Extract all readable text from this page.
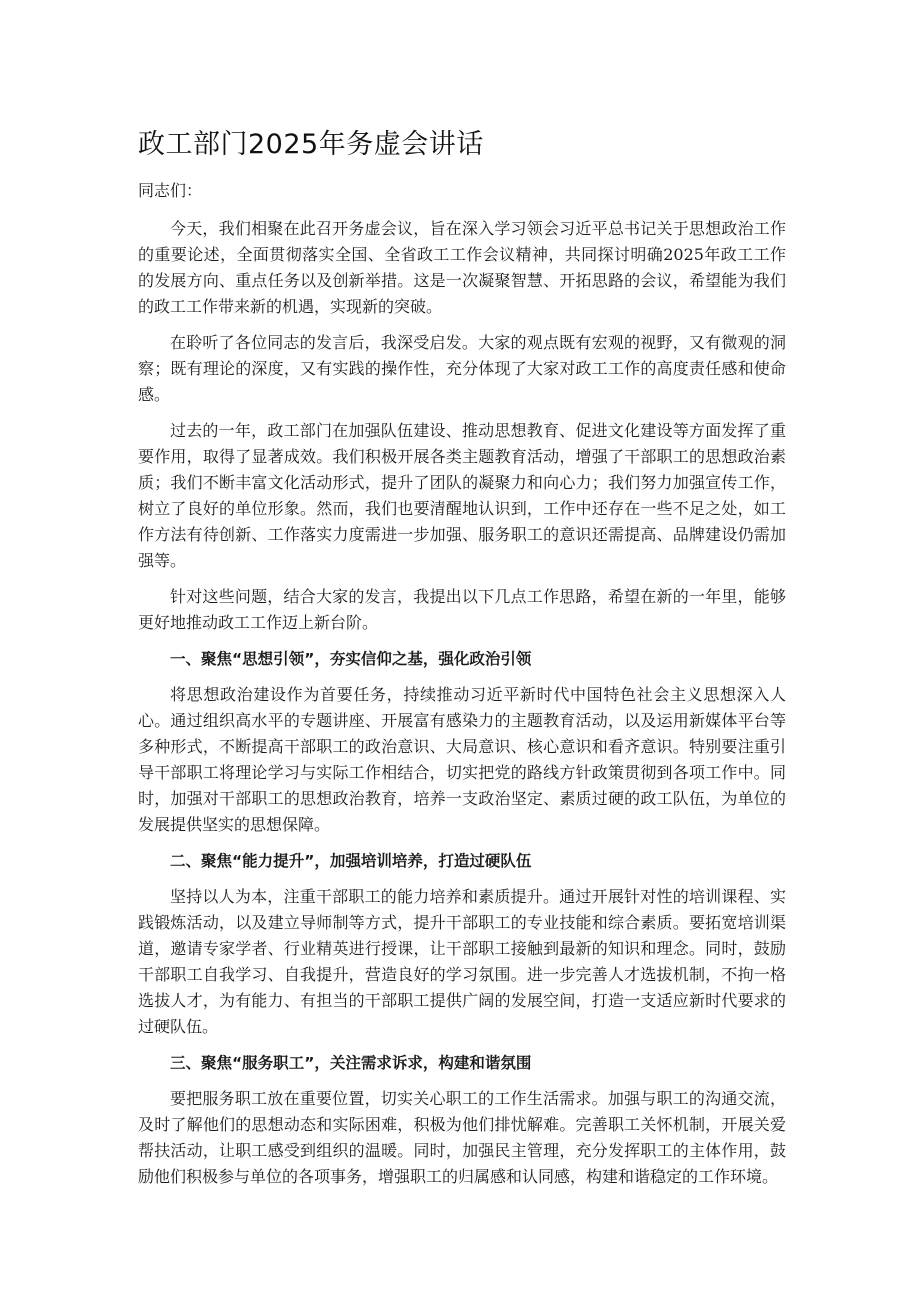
政工部门2025年务虚会讲话
同志们：

今天，我们相聚在此召开务虚会议，旨在深入学习领会习近平总书记关于思想政治工作的重要论述，全面贯彻落实全国、全省政工工作会议精神，共同探讨明确2025年政工工作的发展方向、重点任务以及创新举措。这是一次凝聚智慧、开拓思路的会议，希望能为我们的政工工作带来新的机遇，实现新的突破。

在聆听了各位同志的发言后，我深受启发。大家的观点既有宏观的视野，又有微观的洞察；既有理论的深度，又有实践的操作性，充分体现了大家对政工工作的高度责任感和使命感。

过去的一年，政工部门在加强队伍建设、推动思想教育、促进文化建设等方面发挥了重要作用，取得了显著成效。我们积极开展各类主题教育活动，增强了干部职工的思想政治素质；我们不断丰富文化活动形式，提升了团队的凝聚力和向心力；我们努力加强宣传工作，树立了良好的单位形象。然而，我们也要清醒地认识到，工作中还存在一些不足之处，如工作方法有待创新、工作落实力度需进一步加强、服务职工的意识还需提高、品牌建设仍需加强等。

针对这些问题，结合大家的发言，我提出以下几点工作思路，希望在新的一年里，能够更好地推动政工工作迈上新台阶。

一、聚焦“思想引领”，夯实信仰之基，强化政治引领

将思想政治建设作为首要任务，持续推动习近平新时代中国特色社会主义思想深入人心。通过组织高水平的专题讲座、开展富有感染力的主题教育活动，以及运用新媒体平台等多种形式，不断提高干部职工的政治意识、大局意识、核心意识和看齐意识。特别要注重引导干部职工将理论学习与实际工作相结合，切实把党的路线方针政策贯彻到各项工作中。同时，加强对干部职工的思想政治教育，培养一支政治坚定、素质过硬的政工队伍，为单位的发展提供坚实的思想保障。

二、聚焦“能力提升”，加强培训培养，打造过硬队伍

坚持以人为本，注重干部职工的能力培养和素质提升。通过开展针对性的培训课程、实践锻炼活动，以及建立导师制等方式，提升干部职工的专业技能和综合素质。要拓宽培训渠道，邀请专家学者、行业精英进行授课，让干部职工接触到最新的知识和理念。同时，鼓励干部职工自我学习、自我提升，营造良好的学习氛围。进一步完善人才选拔机制，不拘一格选拔人才，为有能力、有担当的干部职工提供广阔的发展空间，打造一支适应新时代要求的过硬队伍。

三、聚焦“服务职工”，关注需求诉求，构建和谐氛围

要把服务职工放在重要位置，切实关心职工的工作生活需求。加强与职工的沟通交流，及时了解他们的思想动态和实际困难，积极为他们排忧解难。完善职工关怀机制，开展关爱帮扶活动，让职工感受到组织的温暖。同时，加强民主管理，充分发挥职工的主体作用，鼓励他们积极参与单位的各项事务，增强职工的归属感和认同感，构建和谐稳定的工作环境。
